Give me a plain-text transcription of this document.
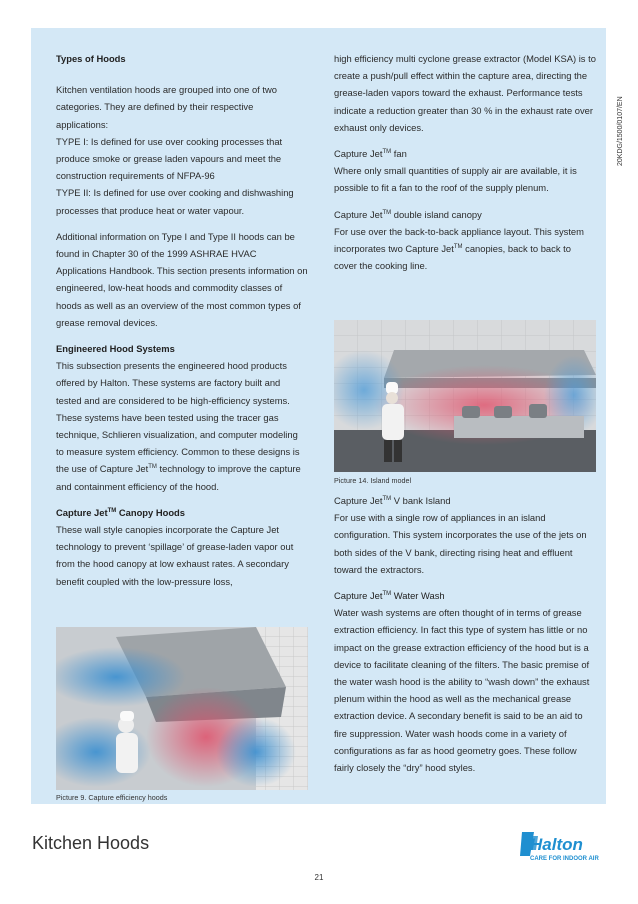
20KDG/1500/0107/EN

Types of Hoods

Kitchen ventilation hoods are grouped into one of two categories. They are defined by their respective applications:

TYPE I: Is defined for use over cooking processes that produce smoke or grease laden vapours and meet the construction requirements of NFPA-96

TYPE II: Is defined for use over cooking and dishwashing processes that produce heat or water vapour.

Additional information on Type I and Type II hoods can be found in Chapter 30 of the 1999 ASHRAE HVAC Applications Handbook. This section presents information on engineered, low-heat hoods and commodity classes of hoods as well as an overview of the most common types of grease removal devices.

Engineered Hood Systems

This subsection presents the engineered hood products offered by Halton. These systems are factory built and tested and are considered to be high-efficiency systems.

These systems have been tested using the tracer gas technique, Schlieren visualization, and computer modeling to measure system efficiency. Common to these designs is the use of Capture Jet™ technology to improve the capture and containment efficiency of the hood.

Capture Jet™ Canopy Hoods

These wall style canopies incorporate the Capture Jet technology to prevent ‘spillage’ of grease-laden vapor out from the hood canopy at low exhaust rates. A secondary benefit coupled with the low-pressure loss,

Picture 9. Capture efficiency hoods

high efficiency multi cyclone grease extractor (Model KSA) is to create a push/pull effect within the capture area, directing the grease-laden vapors toward the exhaust. Performance tests indicate a reduction greater than 30 % in the exhaust rate over exhaust only devices.

Capture Jet™ fan

Where only small quantities of supply air are available, it is possible to fit a fan to the roof of the supply plenum.

Capture Jet™ double island canopy

For use over the back-to-back appliance layout. This system incorporates two Capture Jet™ canopies, back to back to cover the cooking line.

Picture 14. Island model

Capture Jet™ V bank Island

For use with a single row of appliances in an island configuration. This system incorporates the use of the jets on both sides of the V bank, directing rising heat and effluent toward the extractors.

Capture Jet™ Water Wash

Water wash systems are often thought of in terms of grease extraction efficiency. In fact this type of system has little or no impact on the grease extraction efficiency of the hood but is a device to facilitate cleaning of the filters. The basic premise of the water wash hood is the ability to “wash down” the exhaust plenum within the hood as well as the mechanical grease extraction device. A secondary benefit is said to be an aid to fire suppression. Water wash hoods come in a variety of configurations as far as hood geometry goes. These follow fairly closely the “dry” hood styles.

Kitchen Hoods
21
Halton
CARE FOR INDOOR AIR
